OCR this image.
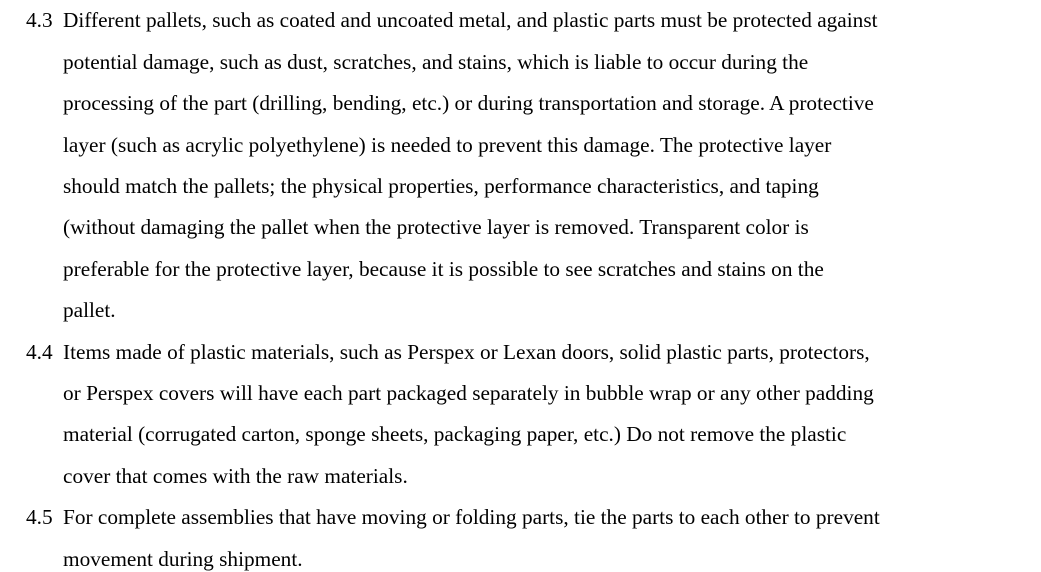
4.3 Different pallets, such as coated and uncoated metal, and plastic parts must be protected against
potential damage, such as dust, scratches, and stains, which is liable to occur during the
processing of the part (drilling, bending, etc.) or during transportation and storage. A protective
layer (such as acrylic polyethylene) is needed to prevent this damage. The protective layer
should match the pallets; the physical properties, performance characteristics, and taping
(without damaging the pallet when the protective layer is removed. Transparent color is
preferable for the protective layer, because it is possible to see scratches and stains on the
pallet.
4.4 Items made of plastic materials, such as Perspex or Lexan doors, solid plastic parts, protectors,
or Perspex covers will have each part packaged separately in bubble wrap or any other padding
material (corrugated carton, sponge sheets, packaging paper, etc.) Do not remove the plastic
cover that comes with the raw materials.
4.5 For complete assemblies that have moving or folding parts, tie the parts to each other to prevent
movement during shipment.
